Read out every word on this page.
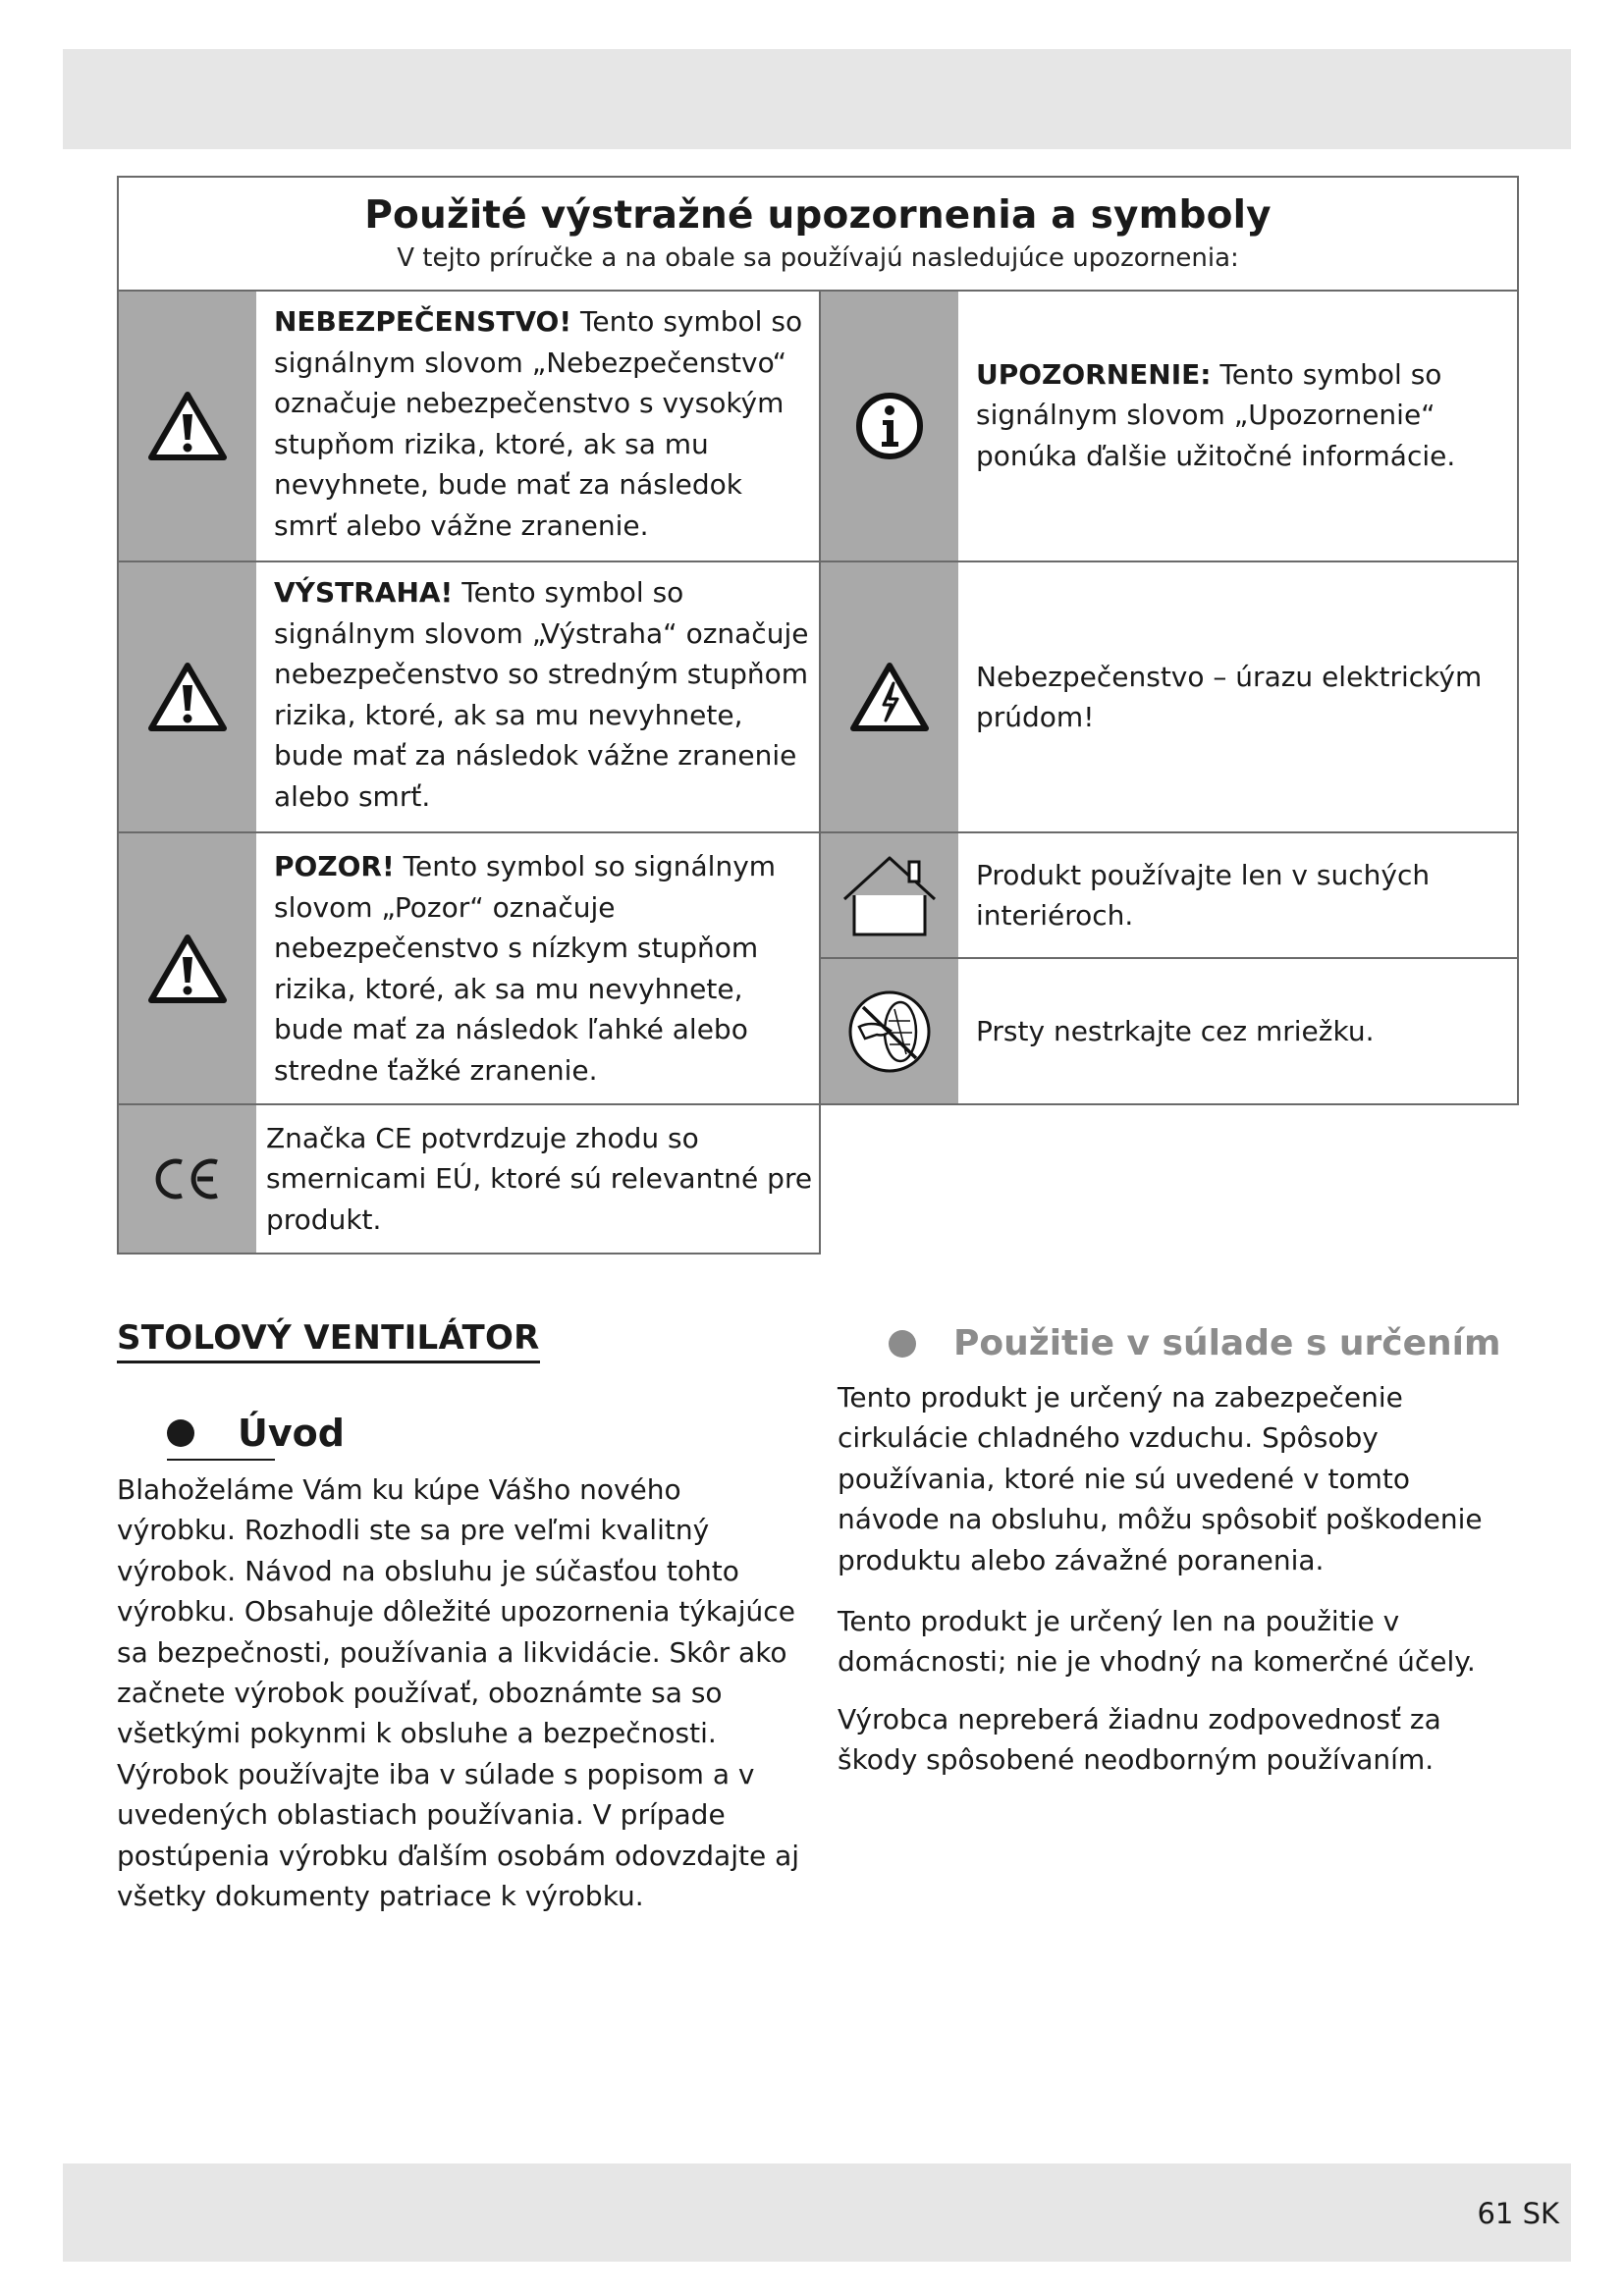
61 SK
Použité výstražné upozornenia a symboly
V tejto príručke a na obale sa používajú nasledujúce upozornenia:
NEBEZPEČENSTVO! Tento symbol so signálnym slovom „Nebezpečenstvo“ označuje nebezpečenstvo s vysokým stupňom rizika, ktoré, ak sa mu nevyhnete, bude mať za následok smrť alebo vážne zranenie.
VÝSTRAHA! Tento symbol so signálnym slovom „Výstraha“ označuje nebezpečenstvo so stredným stupňom rizika, ktoré, ak sa mu nevyhnete, bude mať za následok vážne zranenie alebo smrť.
POZOR! Tento symbol so signálnym slovom „Pozor“ označuje nebezpečenstvo s nízkym stupňom rizika, ktoré, ak sa mu nevyhnete, bude mať za následok ľahké alebo stredne ťažké zranenie.
Značka CE potvrdzuje zhodu so smernicami EÚ, ktoré sú relevantné pre produkt.
UPOZORNENIE: Tento symbol so signálnym slovom „Upozornenie“ ponúka ďalšie užitočné informácie.
Nebezpečenstvo – úrazu elektrickým prúdom!
Produkt používajte len v suchých interiéroch.
Prsty nestrkajte cez mriežku.
STOLOVÝ VENTILÁTOR
Úvod

Blahoželáme Vám ku kúpe Vášho nového výrobku. Rozhodli ste sa pre veľmi kvalitný výrobok. Návod na obsluhu je súčasťou tohto výrobku. Obsahuje dôležité upozornenia týkajúce sa bezpečnosti, používania a likvidácie. Skôr ako začnete výrobok používať, oboznámte sa so všetkými pokynmi k obsluhe a bezpečnosti. Výrobok používajte iba v súlade s popisom a v uvedených oblastiach používania. V prípade postúpenia výrobku ďalším osobám odovzdajte aj všetky dokumenty patriace k výrobku.

Použitie v súlade s určením

Tento produkt je určený na zabezpečenie cirkulácie chladného vzduchu. Spôsoby používania, ktoré nie sú uvedené v tomto návode na obsluhu, môžu spôsobiť poškodenie produktu alebo závažné poranenia.

Tento produkt je určený len na použitie v domácnosti; nie je vhodný na komerčné účely.

Výrobca nepreberá žiadnu zodpovednosť za škody spôsobené neodborným používaním.
